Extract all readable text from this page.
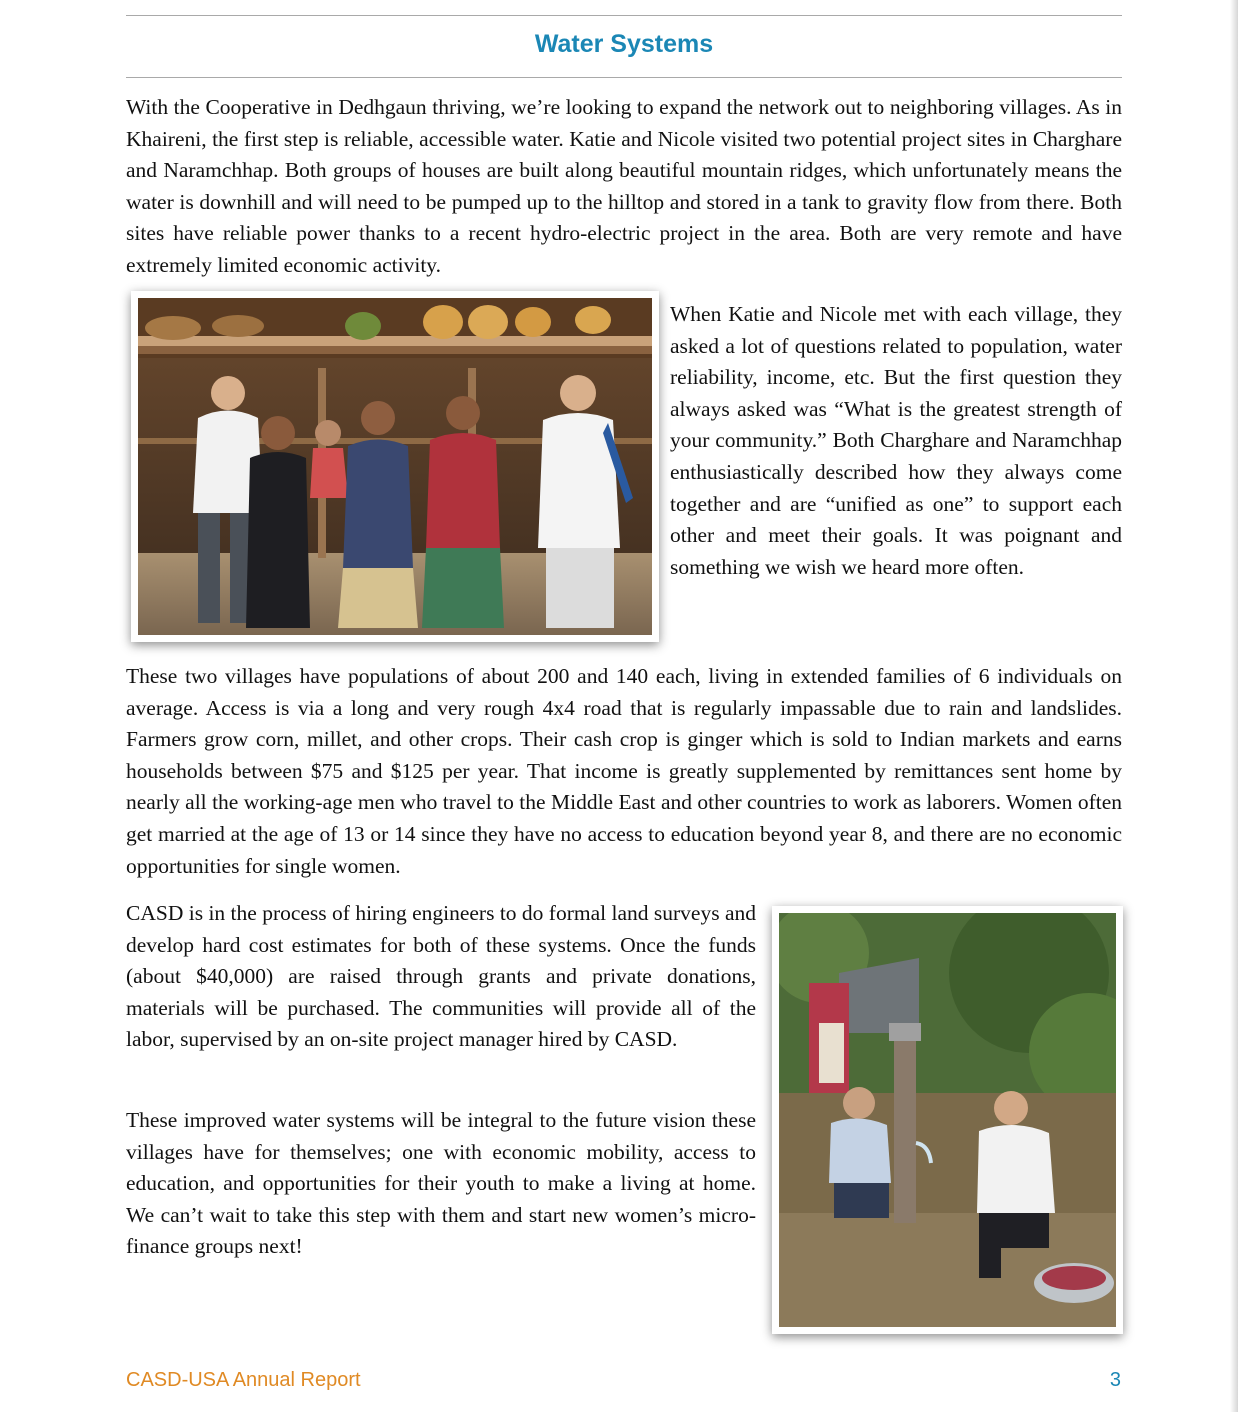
Water Systems

With the Cooperative in Dedhgaun thriving, we’re looking to expand the network out to neighboring villages. As in Khaireni, the first step is reliable, accessible water. Katie and Nicole visited two potential project sites in Charghare and Naramchhap. Both groups of houses are built along beautiful mountain ridges, which unfortunately means the water is downhill and will need to be pumped up to the hilltop and stored in a tank to gravity flow from there. Both sites have reliable power thanks to a recent hydro-electric project in the area. Both are very remote and have extremely limited economic activity.

When Katie and Nicole met with each village, they asked a lot of questions related to population, water reliability, income, etc. But the first question they always asked was “What is the greatest strength of your community.” Both Charghare and Naramchhap enthusiastically described how they always come together and are “unified as one” to support each other and meet their goals. It was poignant and something we wish we heard more often.

These two villages have populations of about 200 and 140 each, living in extended families of 6 individuals on average. Access is via a long and very rough 4x4 road that is regularly impassable due to rain and landslides. Farmers grow corn, millet, and other crops. Their cash crop is ginger which is sold to Indian markets and earns households between $75 and $125 per year. That income is greatly supplemented by remittances sent home by nearly all the working-age men who travel to the Middle East and other countries to work as laborers. Women often get married at the age of 13 or 14 since they have no access to education beyond year 8, and there are no economic opportunities for single women.

CASD is in the process of hiring engineers to do formal land surveys and develop hard cost estimates for both of these systems. Once the funds (about $40,000) are raised through grants and private donations, materials will be purchased. The communities will provide all of the labor, supervised by an on-site project manager hired by CASD.

These improved water systems will be integral to the future vision these villages have for themselves; one with economic mobility, access to education, and opportunities for their youth to make a living at home. We can’t wait to take this step with them and start new women’s micro-finance groups next!

CASD-USA Annual Report	3
